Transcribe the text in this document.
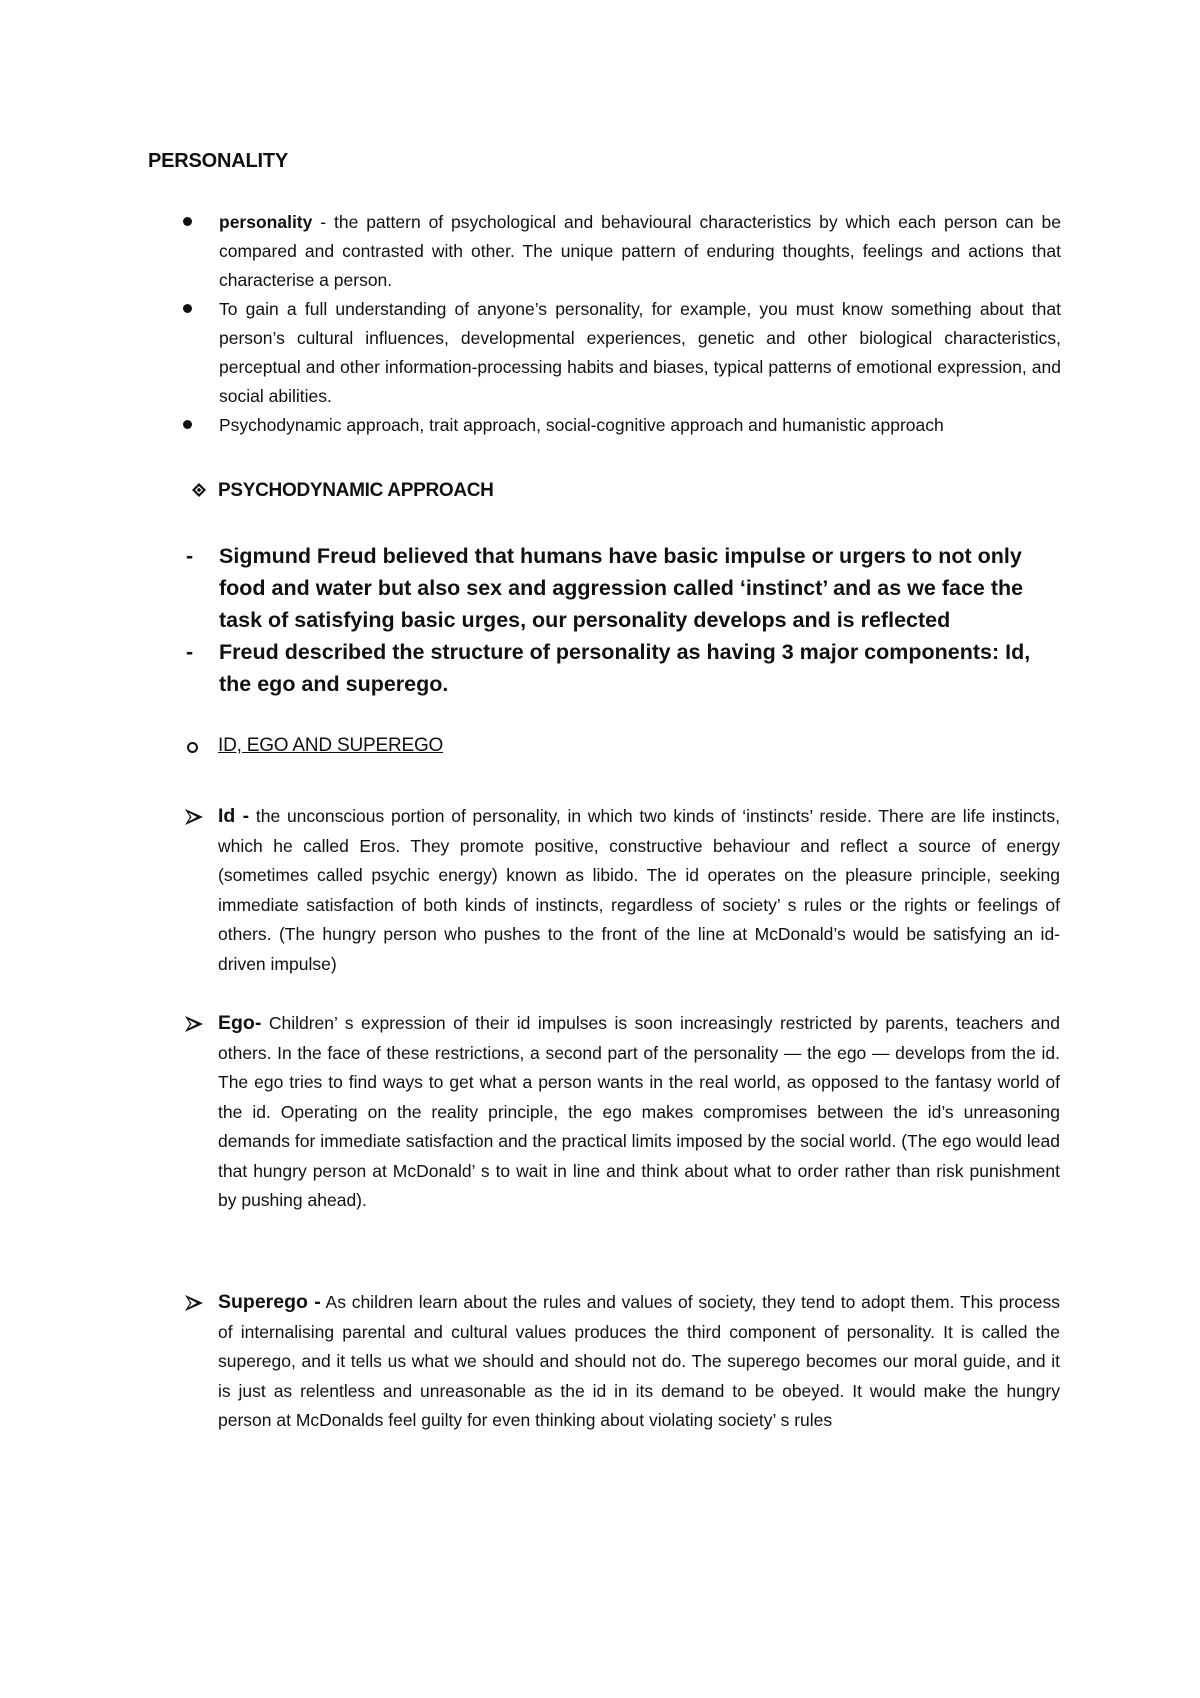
PERSONALITY
personality - the pattern of psychological and behavioural characteristics by which each person can be compared and contrasted with other. The unique pattern of enduring thoughts, feelings and actions that characterise a person.
To gain a full understanding of anyone’s personality, for example, you must know something about that person’s cultural influences, developmental experiences, genetic and other biological characteristics, perceptual and other information-processing habits and biases, typical patterns of emotional expression, and social abilities.
Psychodynamic approach, trait approach, social-cognitive approach and humanistic approach
PSYCHODYNAMIC APPROACH
- Sigmund Freud believed that humans have basic impulse or urgers to not only food and water but also sex and aggression called ‘instinct’ and as we face the task of satisfying basic urges, our personality develops and is reflected
- Freud described the structure of personality as having 3 major components: Id, the ego and superego.
ID, EGO AND SUPEREGO
Id - the unconscious portion of personality, in which two kinds of ‘instincts’ reside. There are life instincts, which he called Eros. They promote positive, constructive behaviour and reflect a source of energy (sometimes called psychic energy) known as libido. The id operates on the pleasure principle, seeking immediate satisfaction of both kinds of instincts, regardless of society’ s rules or the rights or feelings of others. (The hungry person who pushes to the front of the line at McDonald’s would be satisfying an id-driven impulse)
Ego- Children’ s expression of their id impulses is soon increasingly restricted by parents, teachers and others. In the face of these restrictions, a second part of the personality — the ego — develops from the id. The ego tries to find ways to get what a person wants in the real world, as opposed to the fantasy world of the id. Operating on the reality principle, the ego makes compromises between the id’s unreasoning demands for immediate satisfaction and the practical limits imposed by the social world. (The ego would lead that hungry person at McDonald’ s to wait in line and think about what to order rather than risk punishment by pushing ahead).
Superego - As children learn about the rules and values of society, they tend to adopt them. This process of internalising parental and cultural values produces the third component of personality. It is called the superego, and it tells us what we should and should not do. The superego becomes our moral guide, and it is just as relentless and unreasonable as the id in its demand to be obeyed. It would make the hungry person at McDonalds feel guilty for even thinking about violating society’ s rules
